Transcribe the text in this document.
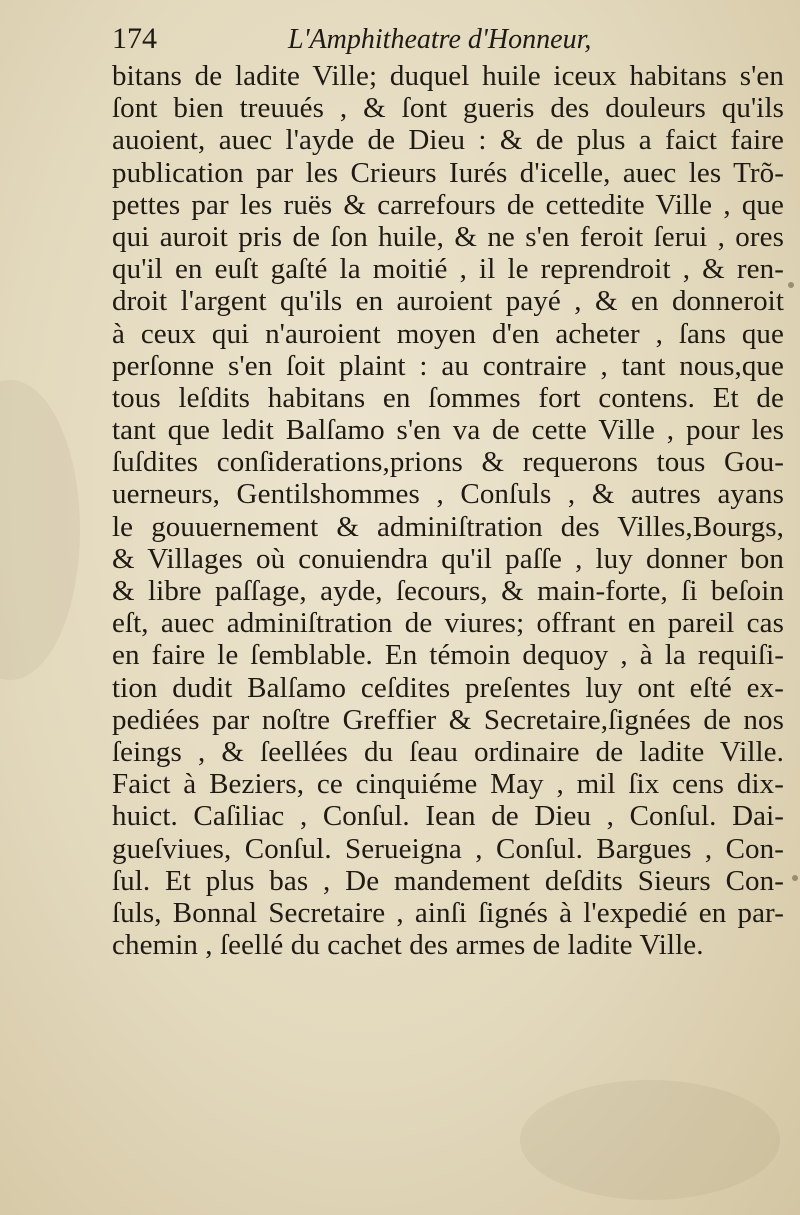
174	L'Amphitheatre d'Honneur,
bitans de ladite Ville; duquel huile iceux habitans s'en
ſont bien treuués , & ſont gueris des douleurs qu'ils
auoient, auec l'ayde de Dieu : & de plus a faict faire
publication par les Crieurs Iurés d'icelle, auec les Trõ-
pettes par les ruës & carrefours de cettedite Ville , que
qui auroit pris de ſon huile, & ne s'en feroit ſerui , ores
qu'il en euſt gaſté la moitié , il le reprendroit , & ren-
droit l'argent qu'ils en auroient payé , & en donneroit
à ceux qui n'auroient moyen d'en acheter , ſans que
perſonne s'en ſoit plaint : au contraire , tant nous,que
tous leſdits habitans en ſommes fort contens. Et de
tant que ledit Balſamo s'en va de cette Ville , pour les
ſuſdites conſiderations,prions & requerons tous Gou-
uerneurs, Gentilshommes , Conſuls , & autres ayans
le gouuernement & adminiſtration des Villes,Bourgs,
& Villages où conuiendra qu'il paſſe , luy donner bon
& libre paſſage, ayde, ſecours, & main-forte, ſi beſoin
eſt, auec adminiſtration de viures; offrant en pareil cas
en faire le ſemblable. En témoin dequoy , à la requiſi-
tion dudit Balſamo ceſdites preſentes luy ont eſté ex-
pediées par noſtre Greffier & Secretaire,ſignées de nos
ſeings , & ſeellées du ſeau ordinaire de ladite Ville.
Faict à Beziers, ce cinquiéme May , mil ſix cens dix-
huict. Caſiliac , Conſul. Iean de Dieu , Conſul. Dai-
gueſviues, Conſul. Serueigna , Conſul. Bargues , Con-
ſul. Et plus bas , De mandement deſdits Sieurs Con-
ſuls, Bonnal Secretaire , ainſi ſignés à l'expedié en par-
chemin , ſeellé du cachet des armes de ladite Ville.
